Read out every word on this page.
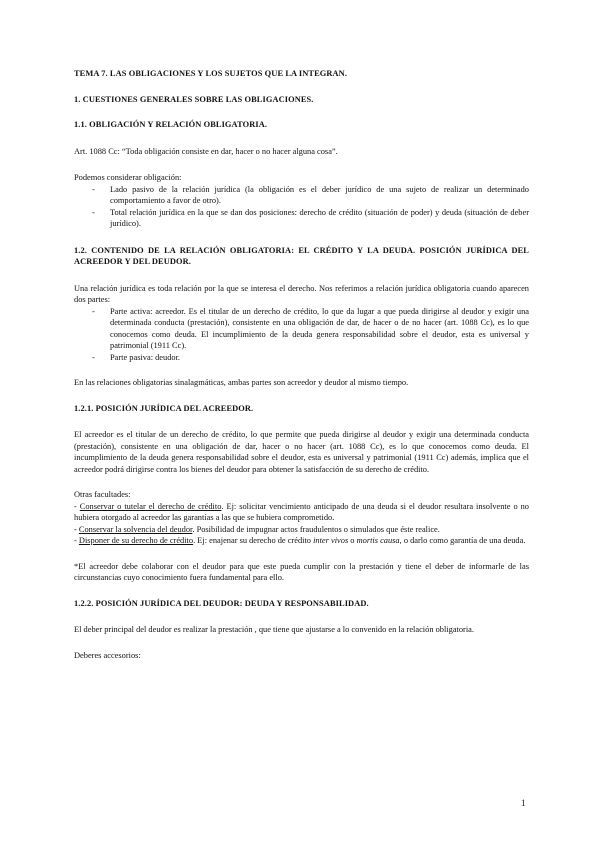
TEMA 7. LAS OBLIGACIONES Y LOS SUJETOS QUE LA INTEGRAN.

1. CUESTIONES GENERALES SOBRE LAS OBLIGACIONES.

1.1. OBLIGACIÓN Y RELACIÓN OBLIGATORIA.

Art. 1088 Cc: “Toda obligación consiste en dar, hacer o no hacer alguna cosa”.

Podemos considerar obligación:

-	Lado pasivo de la relación jurídica (la obligación es el deber jurídico de una sujeto de realizar un determinado comportamiento a favor de otro).
-	Total relación jurídica en la que se dan dos posiciones: derecho de crédito (situación de poder) y deuda (situación de deber jurídico).

1.2. CONTENIDO DE LA RELACIÓN OBLIGATORIA: EL CRÉDITO Y LA DEUDA. POSICIÓN JURÍDICA DEL ACREEDOR Y DEL DEUDOR.

Una relación jurídica es toda relación por la que se interesa el derecho. Nos referimos a relación jurídica obligatoria cuando aparecen dos partes:

-	Parte activa: acreedor. Es el titular de un derecho de crédito, lo que da lugar a que pueda dirigirse al deudor y exigir una determinada conducta (prestación), consistente en una obligación de dar, de hacer o de no hacer (art. 1088 Cc), es lo que conocemos como deuda. El incumplimiento de la deuda genera responsabilidad sobre el deudor, esta es universal y patrimonial (1911 Cc).
-	Parte pasiva: deudor.

En las relaciones obligatorias sinalagmáticas, ambas partes son acreedor y deudor al mismo tiempo.

1.2.1. POSICIÓN JURÍDICA DEL ACREEDOR.

El acreedor es el titular de un derecho de crédito, lo que permite que pueda dirigirse al deudor y exigir una determinada conducta (prestación), consistente en una obligación de dar, hacer o no hacer (art. 1088 Cc), es lo que conocemos como deuda. El incumplimiento de la deuda genera responsabilidad sobre el deudor, esta es universal y patrimonial (1911 Cc) además, implica que el acreedor podrá dirigirse contra los bienes del deudor para obtener la satisfacción de su derecho de crédito.

Otras facultades:

- Conservar o tutelar el derecho de crédito. Ej: solicitar vencimiento anticipado de una deuda si el deudor resultara insolvente o no hubiera otorgado al acreedor las garantías a las que se hubiera comprometido.

- Conservar la solvencia del deudor. Posibilidad de impugnar actos fraudulentos o simulados que éste realice.

- Disponer de su derecho de crédito. Ej: enajenar su derecho de crédito inter vivos o mortis causa, o darlo como garantía de una deuda.

*El acreedor debe colaborar con el deudor para que este pueda cumplir con la prestación y tiene el deber de informarle de las circunstancias cuyo conocimiento fuera fundamental para ello.

1.2.2. POSICIÓN JURÍDICA DEL DEUDOR: DEUDA Y RESPONSABILIDAD.

El deber principal del deudor es realizar la prestación , que tiene que ajustarse a lo convenido en la relación obligatoria.

Deberes accesorios:

1
